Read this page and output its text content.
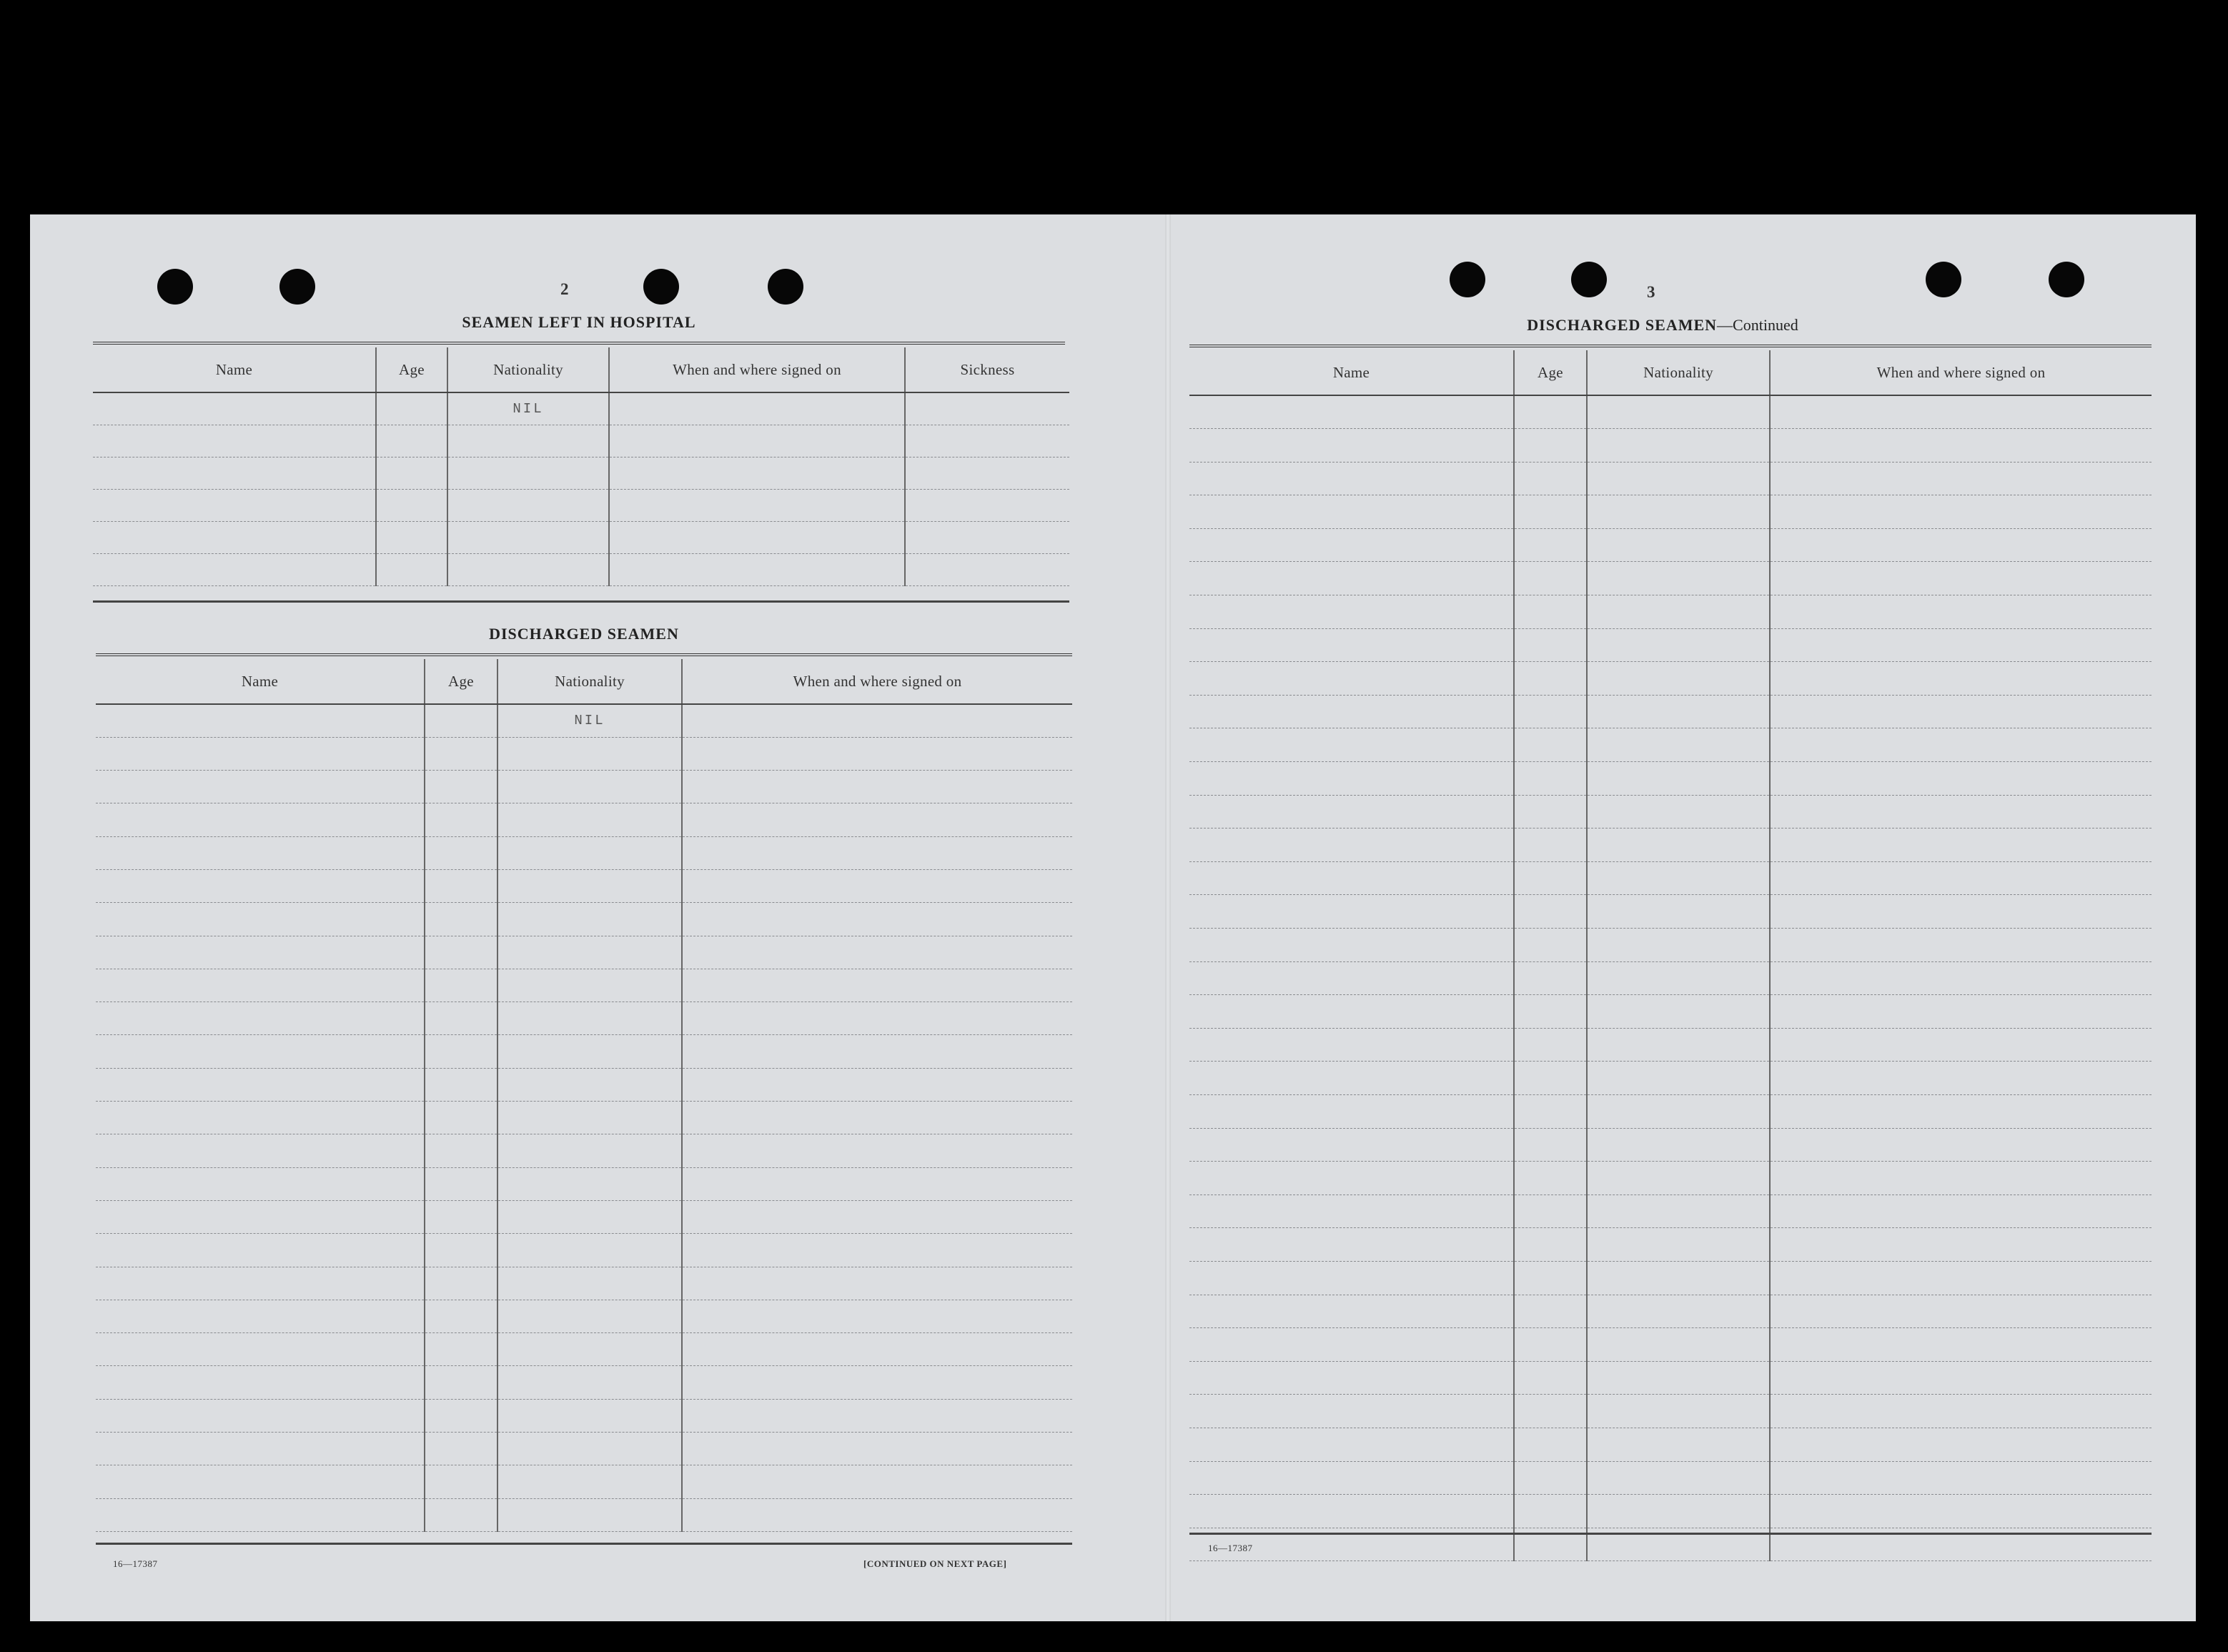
2
SEAMEN LEFT IN HOSPITAL
Name	Age	Nationality	When and where signed on	Sickness
		NIL		

DISCHARGED SEAMEN
Name	Age	Nationality	When and where signed on
		NIL	

16—17387	[CONTINUED ON NEXT PAGE]
3
DISCHARGED SEAMEN—Continued
Name	Age	Nationality	When and where signed on

16—17387
